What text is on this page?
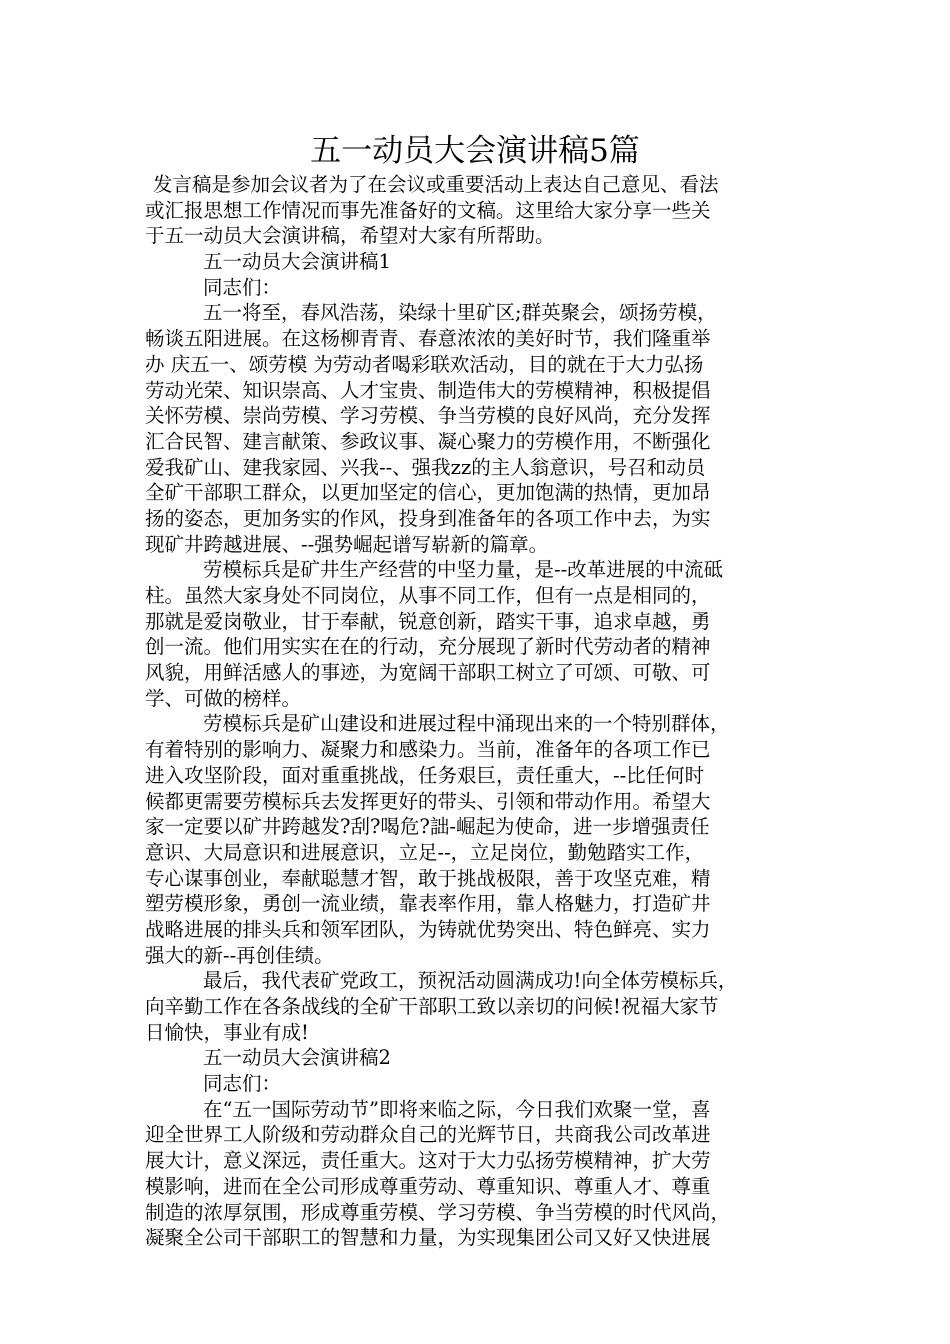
五一动员大会演讲稿5篇
发言稿是参加会议者为了在会议或重要活动上表达自己意见、看法
或汇报思想工作情况而事先准备好的文稿。这里给大家分享一些关
于五一动员大会演讲稿，希望对大家有所帮助。
五一动员大会演讲稿1
同志们：
五一将至，春风浩荡，染绿十里矿区;群英聚会，颂扬劳模，
畅谈五阳进展。在这杨柳青青、春意浓浓的美好时节，我们隆重举
办 庆五一、颂劳模 为劳动者喝彩联欢活动，目的就在于大力弘扬
劳动光荣、知识崇高、人才宝贵、制造伟大的劳模精神，积极提倡
关怀劳模、崇尚劳模、学习劳模、争当劳模的良好风尚，充分发挥
汇合民智、建言献策、参政议事、凝心聚力的劳模作用，不断强化
爱我矿山、建我家园、兴我--、强我zz的主人翁意识，号召和动员
全矿干部职工群众，以更加坚定的信心，更加饱满的热情，更加昂
扬的姿态，更加务实的作风，投身到准备年的各项工作中去，为实
现矿井跨越进展、--强势崛起谱写崭新的篇章。
劳模标兵是矿井生产经营的中坚力量，是--改革进展的中流砥
柱。虽然大家身处不同岗位，从事不同工作，但有一点是相同的，
那就是爱岗敬业，甘于奉献，锐意创新，踏实干事，追求卓越，勇
创一流。他们用实实在在的行动，充分展现了新时代劳动者的精神
风貌，用鲜活感人的事迹，为宽阔干部职工树立了可颂、可敬、可
学、可做的榜样。
劳模标兵是矿山建设和进展过程中涌现出来的一个特别群体，
有着特别的影响力、凝聚力和感染力。当前，准备年的各项工作已
进入攻坚阶段，面对重重挑战，任务艰巨，责任重大，--比任何时
候都更需要劳模标兵去发挥更好的带头、引领和带动作用。希望大
家一定要以矿井跨越发?刮?喝危?詘-崛起为使命，进一步增强责任
意识、大局意识和进展意识，立足--，立足岗位，勤勉踏实工作，
专心谋事创业，奉献聪慧才智，敢于挑战极限，善于攻坚克难，精
塑劳模形象，勇创一流业绩，靠表率作用，靠人格魅力，打造矿井
战略进展的排头兵和领军团队，为铸就优势突出、特色鲜亮、实力
强大的新--再创佳绩。
最后，我代表矿党政工，预祝活动圆满成功!向全体劳模标兵，
向辛勤工作在各条战线的全矿干部职工致以亲切的问候!祝福大家节
日愉快，事业有成!
五一动员大会演讲稿2
同志们：
在“五一国际劳动节”即将来临之际，今日我们欢聚一堂，喜
迎全世界工人阶级和劳动群众自己的光辉节日，共商我公司改革进
展大计，意义深远，责任重大。这对于大力弘扬劳模精神，扩大劳
模影响，进而在全公司形成尊重劳动、尊重知识、尊重人才、尊重
制造的浓厚氛围，形成尊重劳模、学习劳模、争当劳模的时代风尚，
凝聚全公司干部职工的智慧和力量，为实现集团公司又好又快进展
